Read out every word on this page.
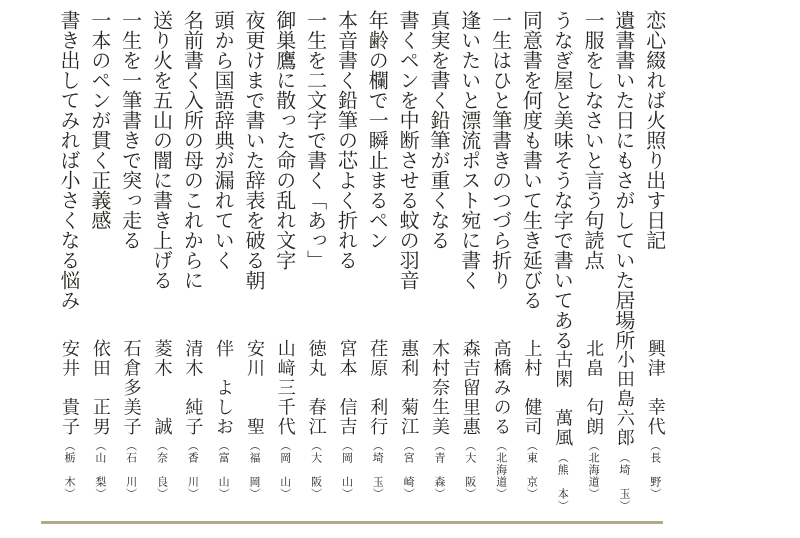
恋心綴れば火照り出す日記
興津　幸代
（長　野）
遺書書いた日にもさがしていた居場所
小田島六郎
（埼　玉）
一服をしなさいと言う句読点
北畠　句朗
（北海道）
うなぎ屋と美味そうな字で書いてある
古閑　萬風
（熊　本）
同意書を何度も書いて生き延びる
上村　健司
（東　京）
一生はひと筆書きのつづら折り
高橋みのる
（北海道）
逢いたいと漂流ポスト宛に書く
森吉留里惠
（大　阪）
真実を書く鉛筆が重くなる
木村奈生美
（青　森）
書くペンを中断させる蚊の羽音
惠利　菊江
（宮　崎）
年齢の欄で一瞬止まるペン
荏原　利行
（埼　玉）
本音書く鉛筆の芯よく折れる
宮本　信吉
（岡　山）
一生を二文字で書く「あっ」
徳丸　春江
（大　阪）
御巣鷹に散った命の乱れ文字
山﨑三千代
（岡　山）
夜更けまで書いた辞表を破る朝
安川　　聖
（福　岡）
頭から国語辞典が漏れていく
伴　よしお
（富　山）
名前書く入所の母のこれからに
清木　純子
（香　川）
送り火を五山の闇に書き上げる
菱木　　誠
（奈　良）
一生を一筆書きで突っ走る
石倉多美子
（石　川）
一本のペンが貫く正義感
依田　正男
（山　梨）
書き出してみれば小さくなる悩み
安井　貴子
（栃　木）
